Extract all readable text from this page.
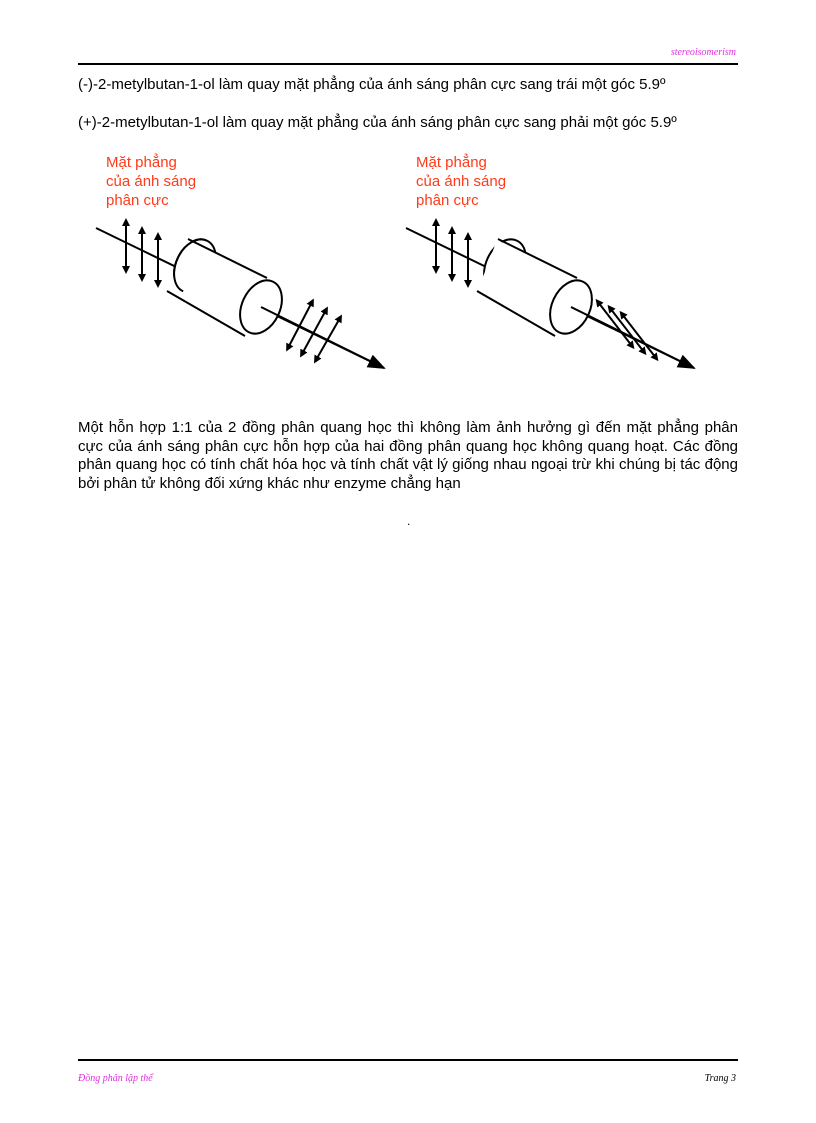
stereoisomerism
(-)-2-metylbutan-1-ol làm quay mặt phẳng của ánh sáng phân cực sang trái một góc 5.9º
(+)-2-metylbutan-1-ol làm quay mặt phẳng của ánh sáng phân cực sang phải một góc 5.9º
Mặt phẳng
của ánh sáng
phân cực
Mặt phẳng
của ánh sáng
phân cực
Một hỗn hợp 1:1 của 2 đồng phân quang học thì không làm ảnh hưởng gì đến mặt phẳng phân cực của ánh sáng phân cực hỗn hợp của hai đồng phân quang học không quang hoạt. Các đồng phân quang học có tính chất hóa học và tính chất vật lý giống nhau ngoại trừ khi chúng bị tác động bởi phân tử không đối xứng khác như enzyme chẳng hạn
.
Đồng phân lập thể	Trang 3
